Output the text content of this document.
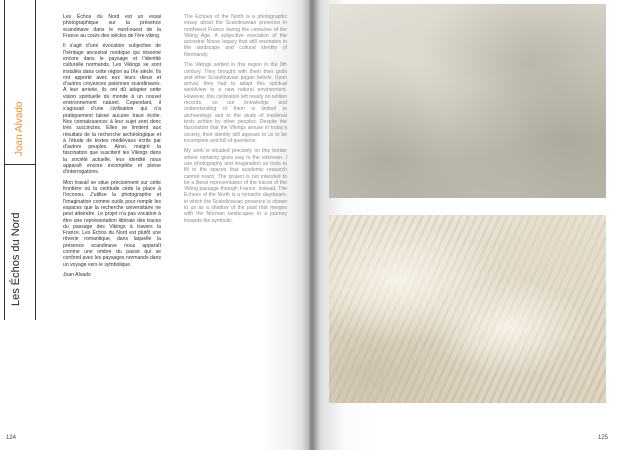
Les Échos du Nord
Joan Alvado

Les Échos du Nord est un essai photographique sur la présence scandinave dans le nord-ouest de la France au cours des siècles de l’ère viking.

Il s’agit d’une évocation subjective de l’héritage ancestral nordique qui résonne encore dans le paysage et l’identité culturelle normands. Les Vikings se sont installés dans cette région au IXe siècle. Ils ont apporté avec eux leurs dieux et d’autres croyances païennes scandinaves. À leur arrivée, ils ont dû adapter cette vision spirituelle du monde à un nouvel environnement naturel. Cependant, il s’agissait d’une civilisation qui n’a pratiquement laissé aucune trace écrite. Nos connaissances à leur sujet sont donc très succinctes. Elles se limitent aux résultats de la recherche archéologique et à l’étude de textes médiévaux écrits par d’autres peuples. Ainsi, malgré la fascination que suscitent les Vikings dans la société actuelle, leur identité nous apparaît encore incomplète et pleine d’interrogations.

Mon travail se situe précisément sur cette frontière où la certitude cède la place à l’inconnu. J’utilise la photographie et l’imagination comme outils pour remplir les espaces que la recherche universitaire ne peut atteindre. Le projet n’a pas vocation à être une représentation littérale des traces du passage des Vikings à travers la France. Les Échos du Nord est plutôt une rêverie romantique, dans laquelle la présence scandinave nous apparaît comme une ombre du passé qui se confond avec les paysages normands dans un voyage vers le symbolique.

Joan Alvado

The Echoes of the North is a photographic essay about the Scandinavian presence in northwest France during the centuries of the Viking Age. A subjective evocation of the ancestral Norse legacy that still resonates in the landscape and cultural identity of Normandy.

The Vikings settled in this region in the 9th century. They brought with them their gods and other Scandinavian pagan beliefs. Upon arrival, they had to adapt this spiritual worldview to a new natural environment. However, this civilization left nearly no written records, so our knowledge and understanding of them is limited to archaeology and to the study of medieval texts written by other peoples. Despite the fascination that the Vikings arouse in today’s society, their identity still appears to us to be incomplete and full of questions.

My work is situated precisely on this border where certainty gives way to the unknown. I use photography and imagination as tools to fill in the spaces that academic research cannot reach. The project is not intended to be a literal representation of the traces of the Viking passage through France. Instead, The Echoes of the North is a romantic daydream, in which the Scandinavian presence is shown to us as a shadow of the past that merges with the Norman landscapes in a journey towards the symbolic.

124	125
